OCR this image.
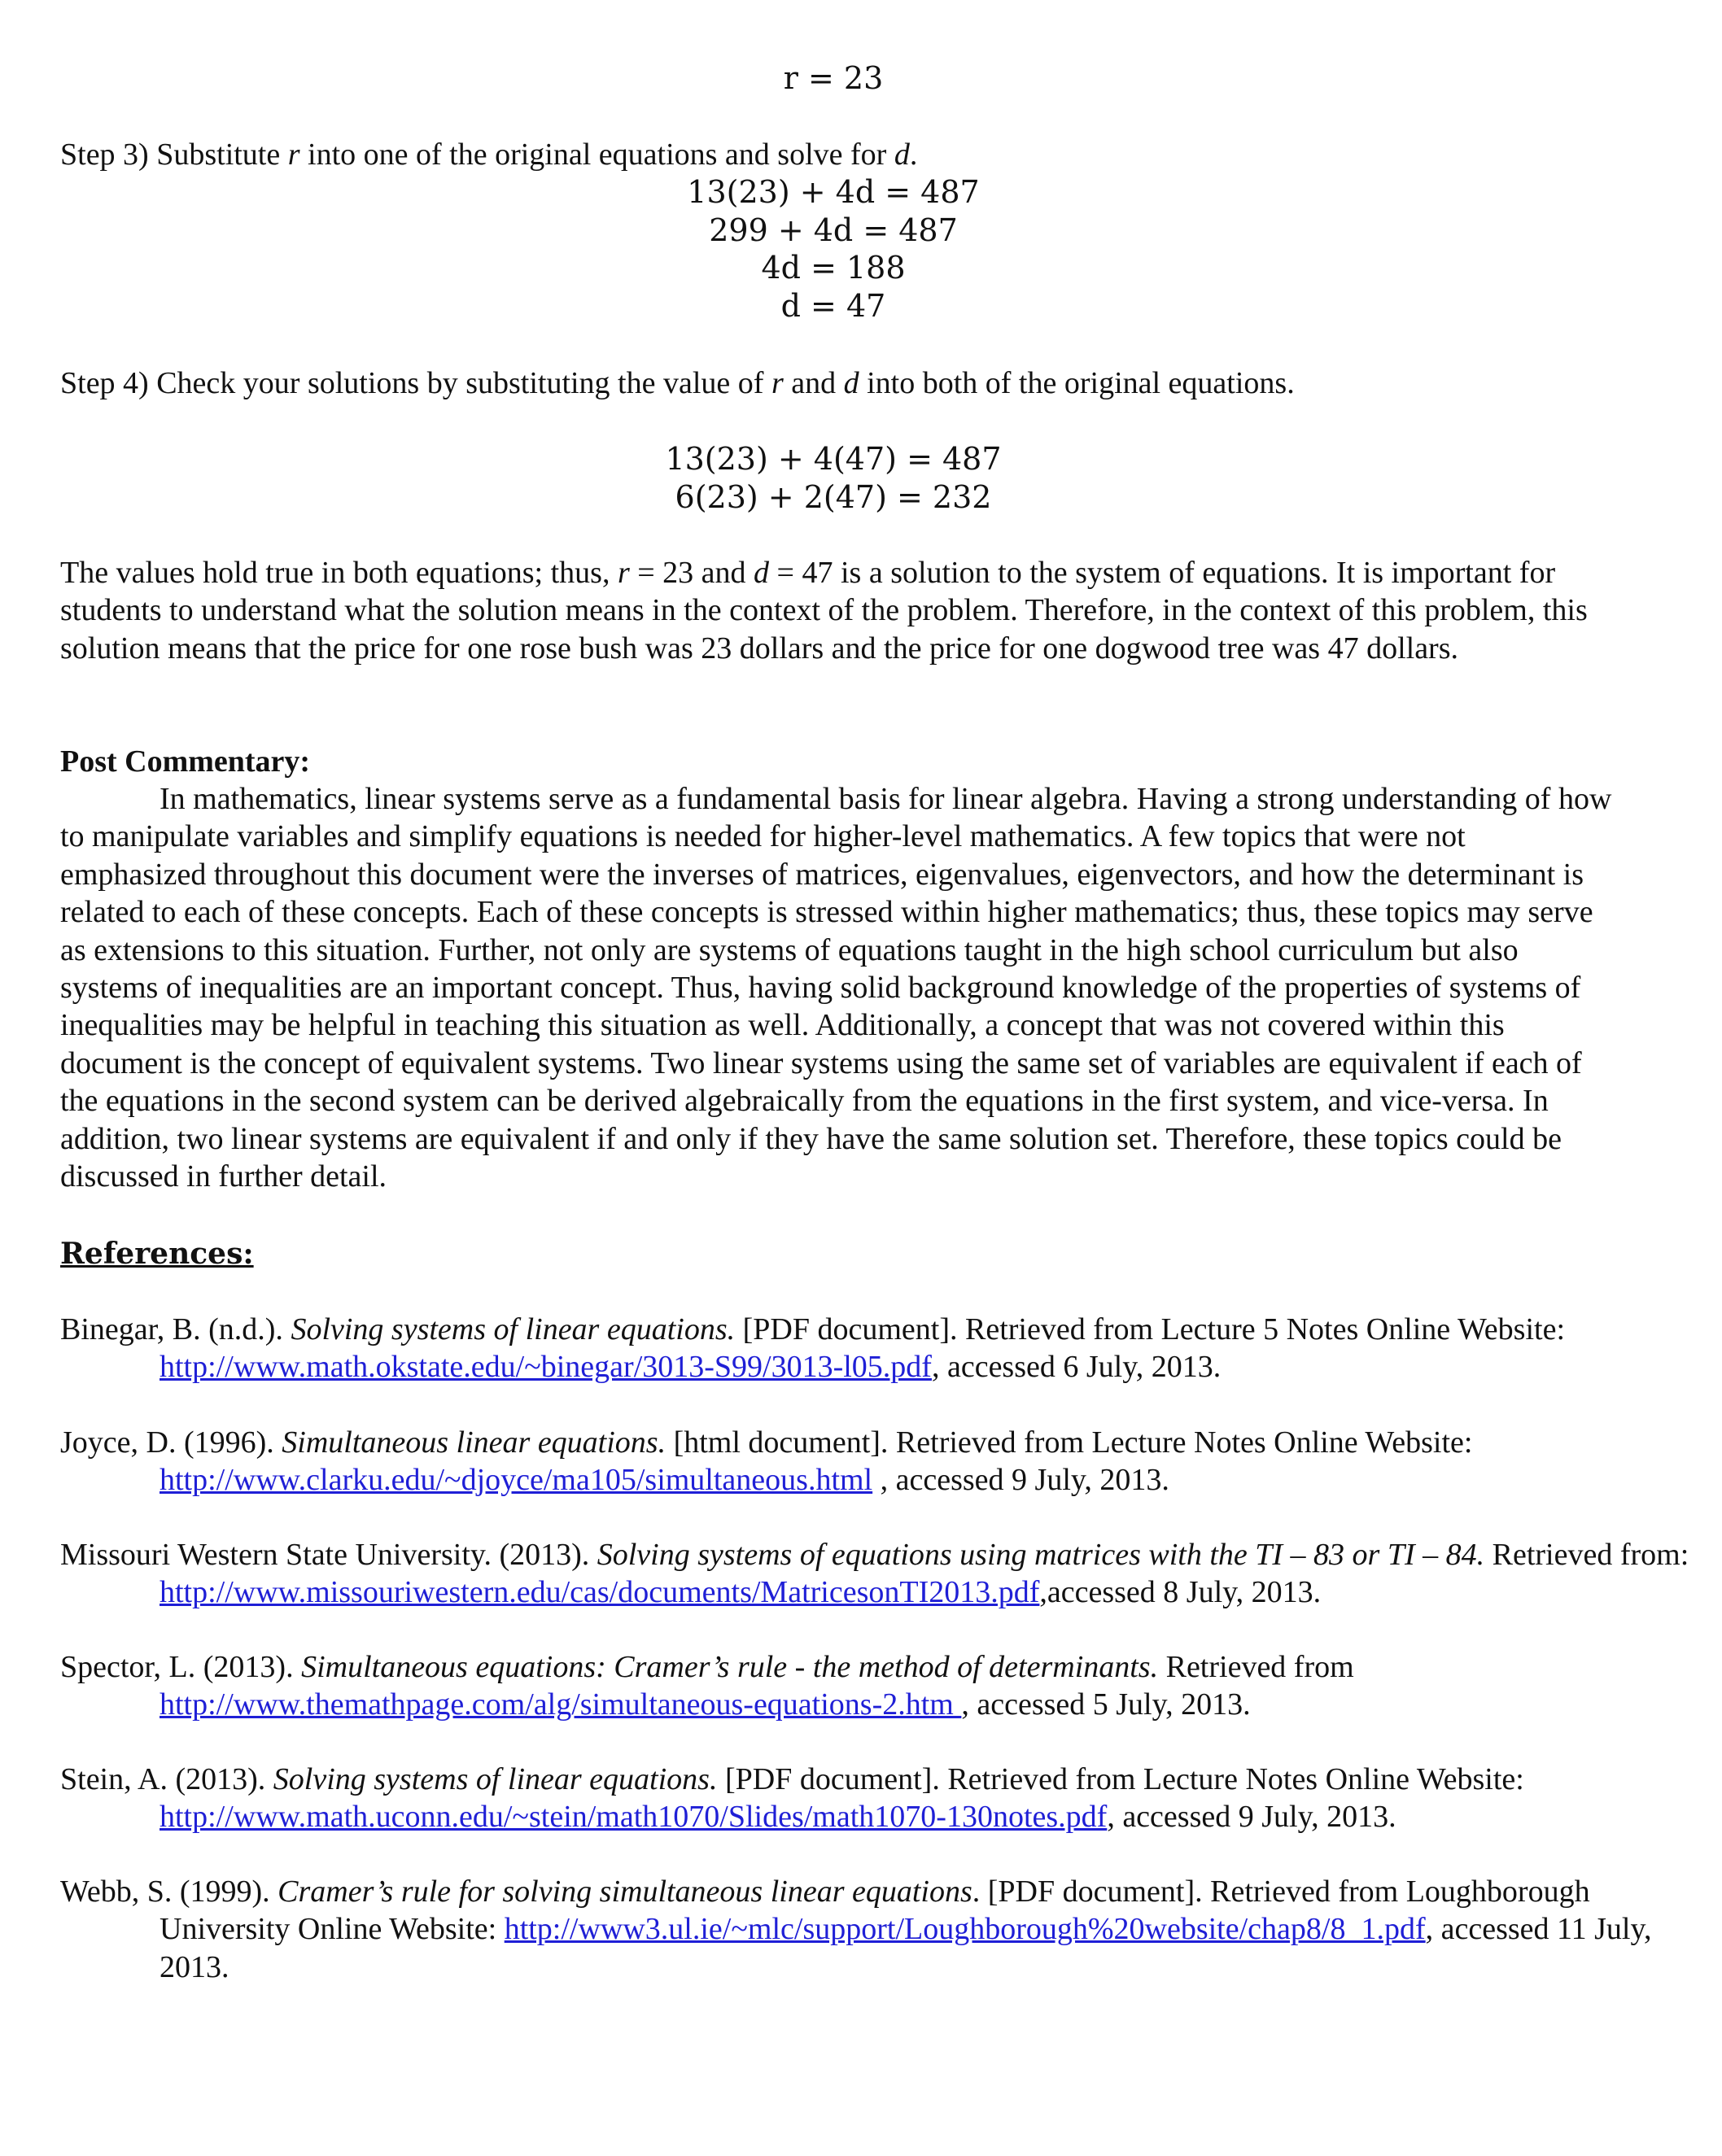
r = 23
Step 3) Substitute r into one of the original equations and solve for d.
13(23) + 4d = 487
299 + 4d = 487
4d = 188
d = 47
Step 4) Check your solutions by substituting the value of r and d into both of the original equations.
13(23) + 4(47) = 487
6(23) + 2(47) = 232
The values hold true in both equations; thus, r = 23 and d = 47 is a solution to the system of equations. It is important for students to understand what the solution means in the context of the problem. Therefore, in the context of this problem, this solution means that the price for one rose bush was 23 dollars and the price for one dogwood tree was 47 dollars.
Post Commentary:
In mathematics, linear systems serve as a fundamental basis for linear algebra. Having a strong understanding of how to manipulate variables and simplify equations is needed for higher-level mathematics. A few topics that were not emphasized throughout this document were the inverses of matrices, eigenvalues, eigenvectors, and how the determinant is related to each of these concepts. Each of these concepts is stressed within higher mathematics; thus, these topics may serve as extensions to this situation. Further, not only are systems of equations taught in the high school curriculum but also systems of inequalities are an important concept. Thus, having solid background knowledge of the properties of systems of inequalities may be helpful in teaching this situation as well. Additionally, a concept that was not covered within this document is the concept of equivalent systems. Two linear systems using the same set of variables are equivalent if each of the equations in the second system can be derived algebraically from the equations in the first system, and vice-versa. In addition, two linear systems are equivalent if and only if they have the same solution set. Therefore, these topics could be discussed in further detail.
References:
Binegar, B. (n.d.). Solving systems of linear equations. [PDF document]. Retrieved from Lecture 5 Notes Online Website: http://www.math.okstate.edu/~binegar/3013-S99/3013-l05.pdf, accessed 6 July, 2013.
Joyce, D. (1996). Simultaneous linear equations. [html document]. Retrieved from Lecture Notes Online Website: http://www.clarku.edu/~djoyce/ma105/simultaneous.html , accessed 9 July, 2013.
Missouri Western State University. (2013). Solving systems of equations using matrices with the TI – 83 or TI – 84. Retrieved from: http://www.missouriwestern.edu/cas/documents/MatricesonTI2013.pdf,accessed 8 July, 2013.
Spector, L. (2013). Simultaneous equations: Cramer’s rule - the method of determinants. Retrieved from http://www.themathpage.com/alg/simultaneous-equations-2.htm , accessed 5 July, 2013.
Stein, A. (2013). Solving systems of linear equations. [PDF document]. Retrieved from Lecture Notes Online Website: http://www.math.uconn.edu/~stein/math1070/Slides/math1070-130notes.pdf, accessed 9 July, 2013.
Webb, S. (1999). Cramer’s rule for solving simultaneous linear equations. [PDF document]. Retrieved from Loughborough University Online Website: http://www3.ul.ie/~mlc/support/Loughborough%20website/chap8/8_1.pdf, accessed 11 July, 2013.
